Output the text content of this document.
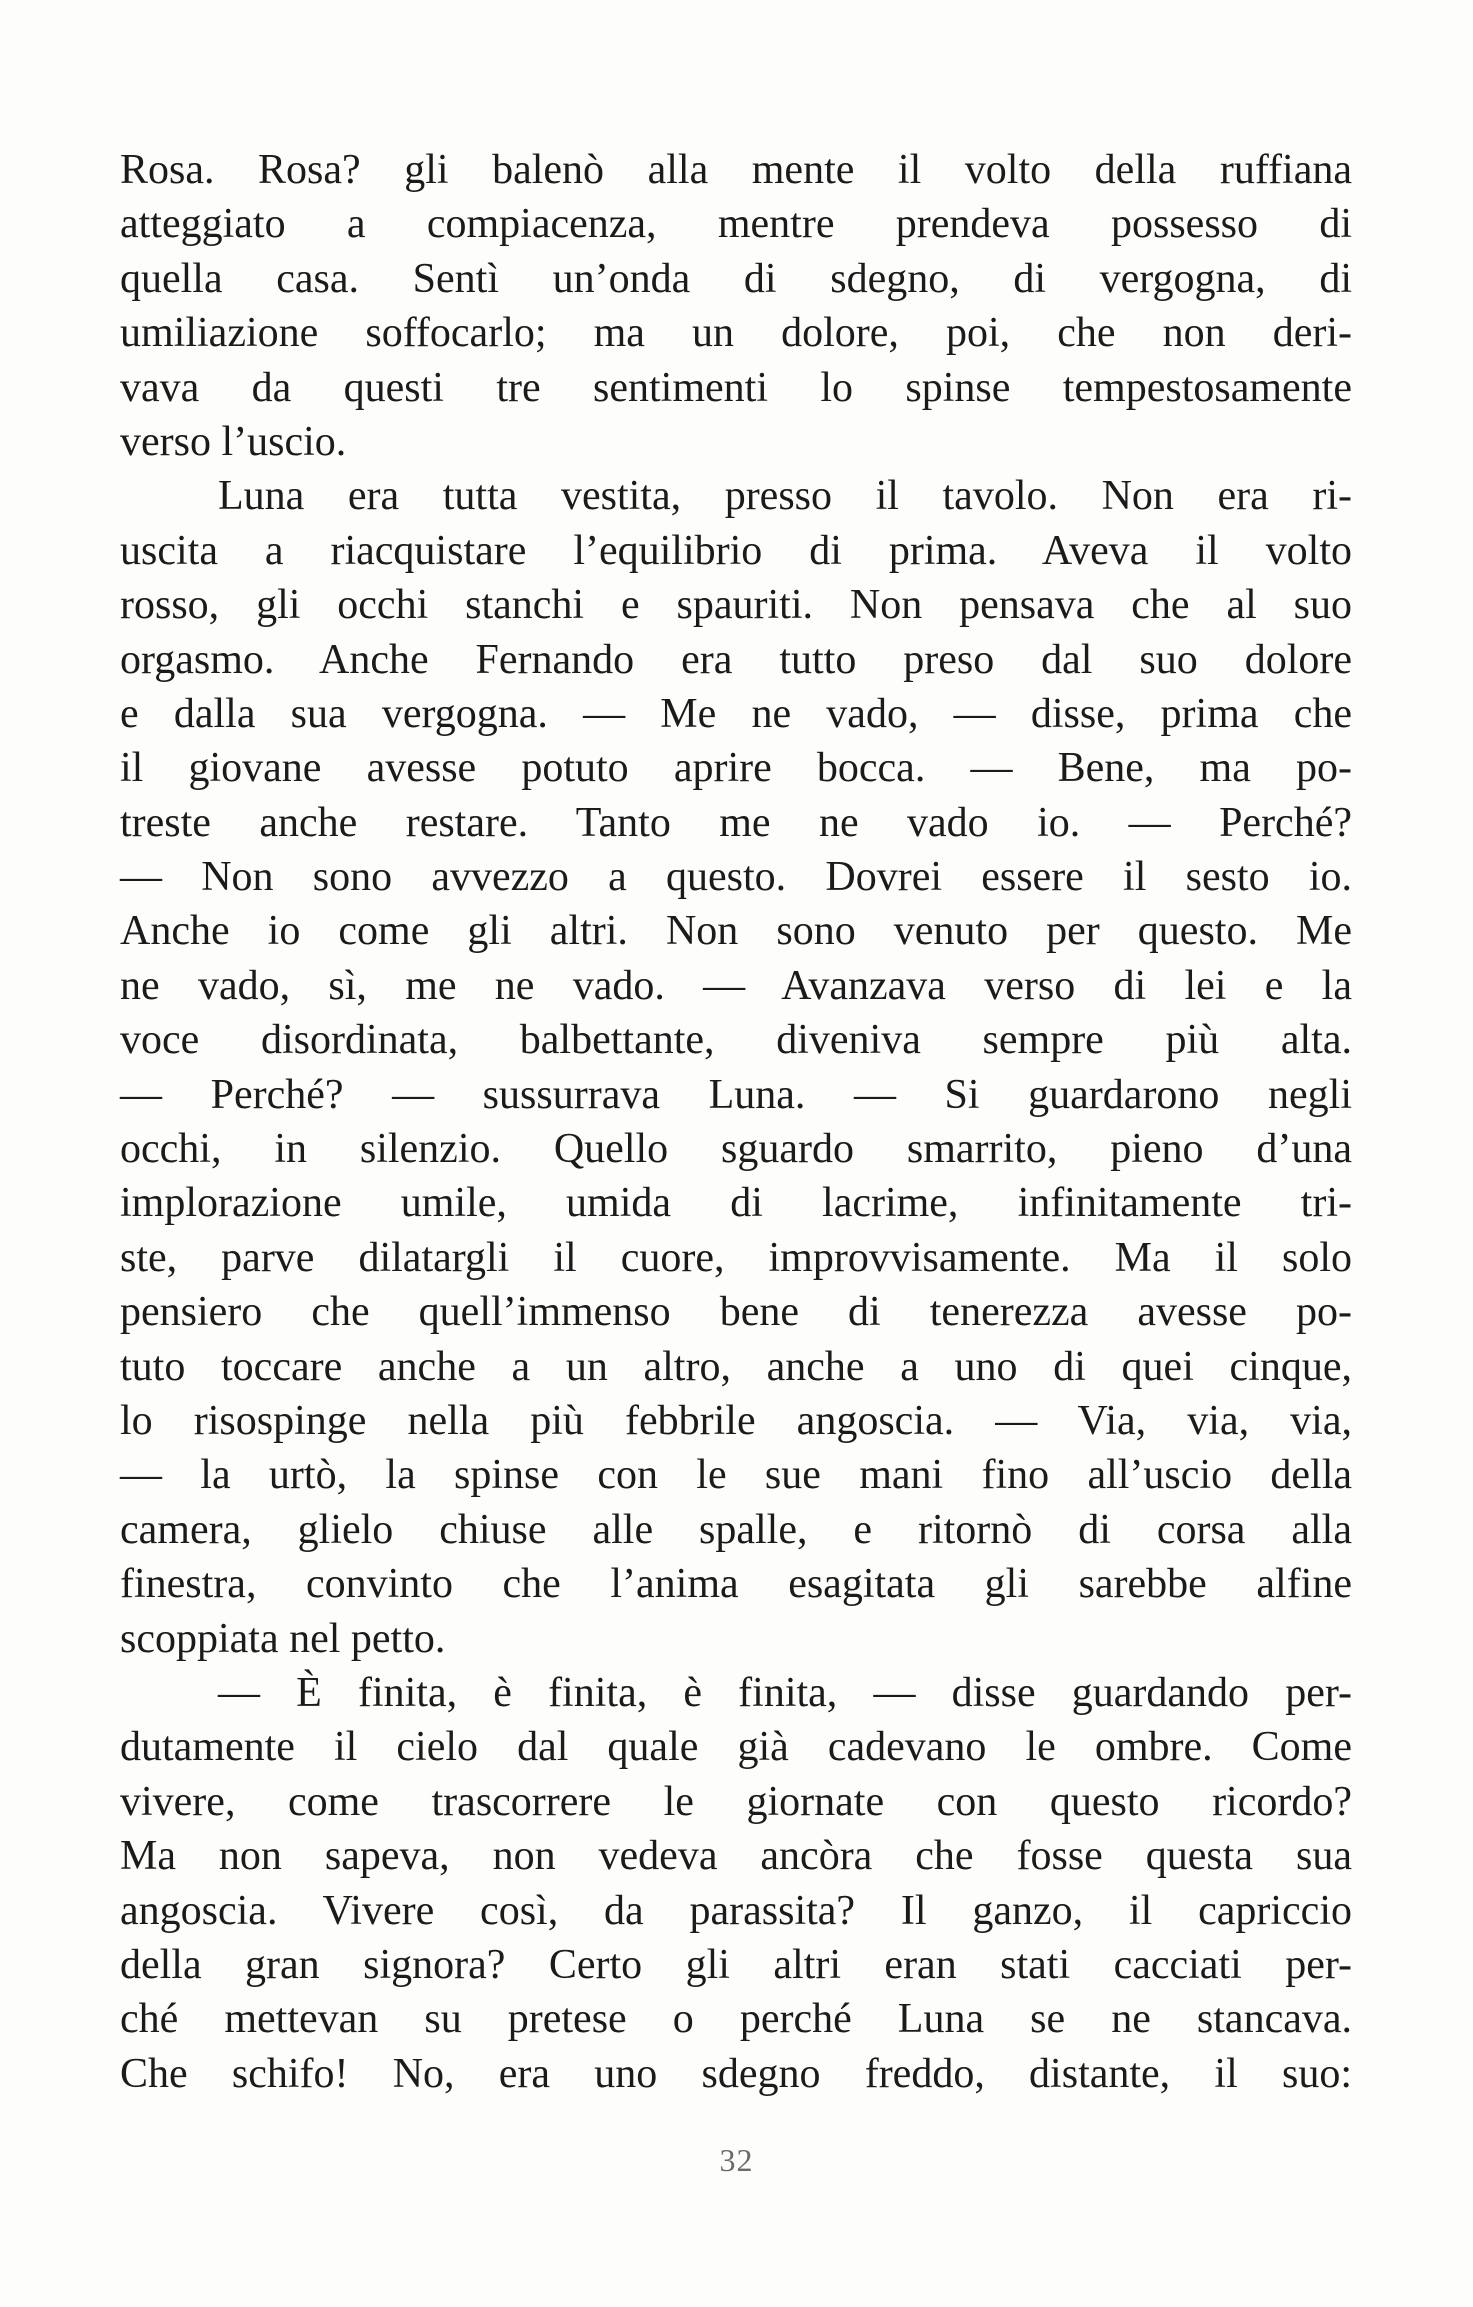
Rosa. Rosa? gli balenò alla mente il volto della ruffiana
atteggiato a compiacenza, mentre prendeva possesso di
quella casa. Sentì un’onda di sdegno, di vergogna, di
umiliazione soffocarlo; ma un dolore, poi, che non deri-
vava da questi tre sentimenti lo spinse tempestosamente
verso l’uscio.
Luna era tutta vestita, presso il tavolo. Non era ri-
uscita a riacquistare l’equilibrio di prima. Aveva il volto
rosso, gli occhi stanchi e spauriti. Non pensava che al suo
orgasmo. Anche Fernando era tutto preso dal suo dolore
e dalla sua vergogna. — Me ne vado, — disse, prima che
il giovane avesse potuto aprire bocca. — Bene, ma po-
treste anche restare. Tanto me ne vado io. — Perché?
— Non sono avvezzo a questo. Dovrei essere il sesto io.
Anche io come gli altri. Non sono venuto per questo. Me
ne vado, sì, me ne vado. — Avanzava verso di lei e la
voce disordinata, balbettante, diveniva sempre più alta.
— Perché? — sussurrava Luna. — Si guardarono negli
occhi, in silenzio. Quello sguardo smarrito, pieno d’una
implorazione umile, umida di lacrime, infinitamente tri-
ste, parve dilatargli il cuore, improvvisamente. Ma il solo
pensiero che quell’immenso bene di tenerezza avesse po-
tuto toccare anche a un altro, anche a uno di quei cinque,
lo risospinge nella più febbrile angoscia. — Via, via, via,
— la urtò, la spinse con le sue mani fino all’uscio della
camera, glielo chiuse alle spalle, e ritornò di corsa alla
finestra, convinto che l’anima esagitata gli sarebbe alfine
scoppiata nel petto.
— È finita, è finita, è finita, — disse guardando per-
dutamente il cielo dal quale già cadevano le ombre. Come
vivere, come trascorrere le giornate con questo ricordo?
Ma non sapeva, non vedeva ancòra che fosse questa sua
angoscia. Vivere così, da parassita? Il ganzo, il capriccio
della gran signora? Certo gli altri eran stati cacciati per-
ché mettevan su pretese o perché Luna se ne stancava.
Che schifo! No, era uno sdegno freddo, distante, il suo:
32
